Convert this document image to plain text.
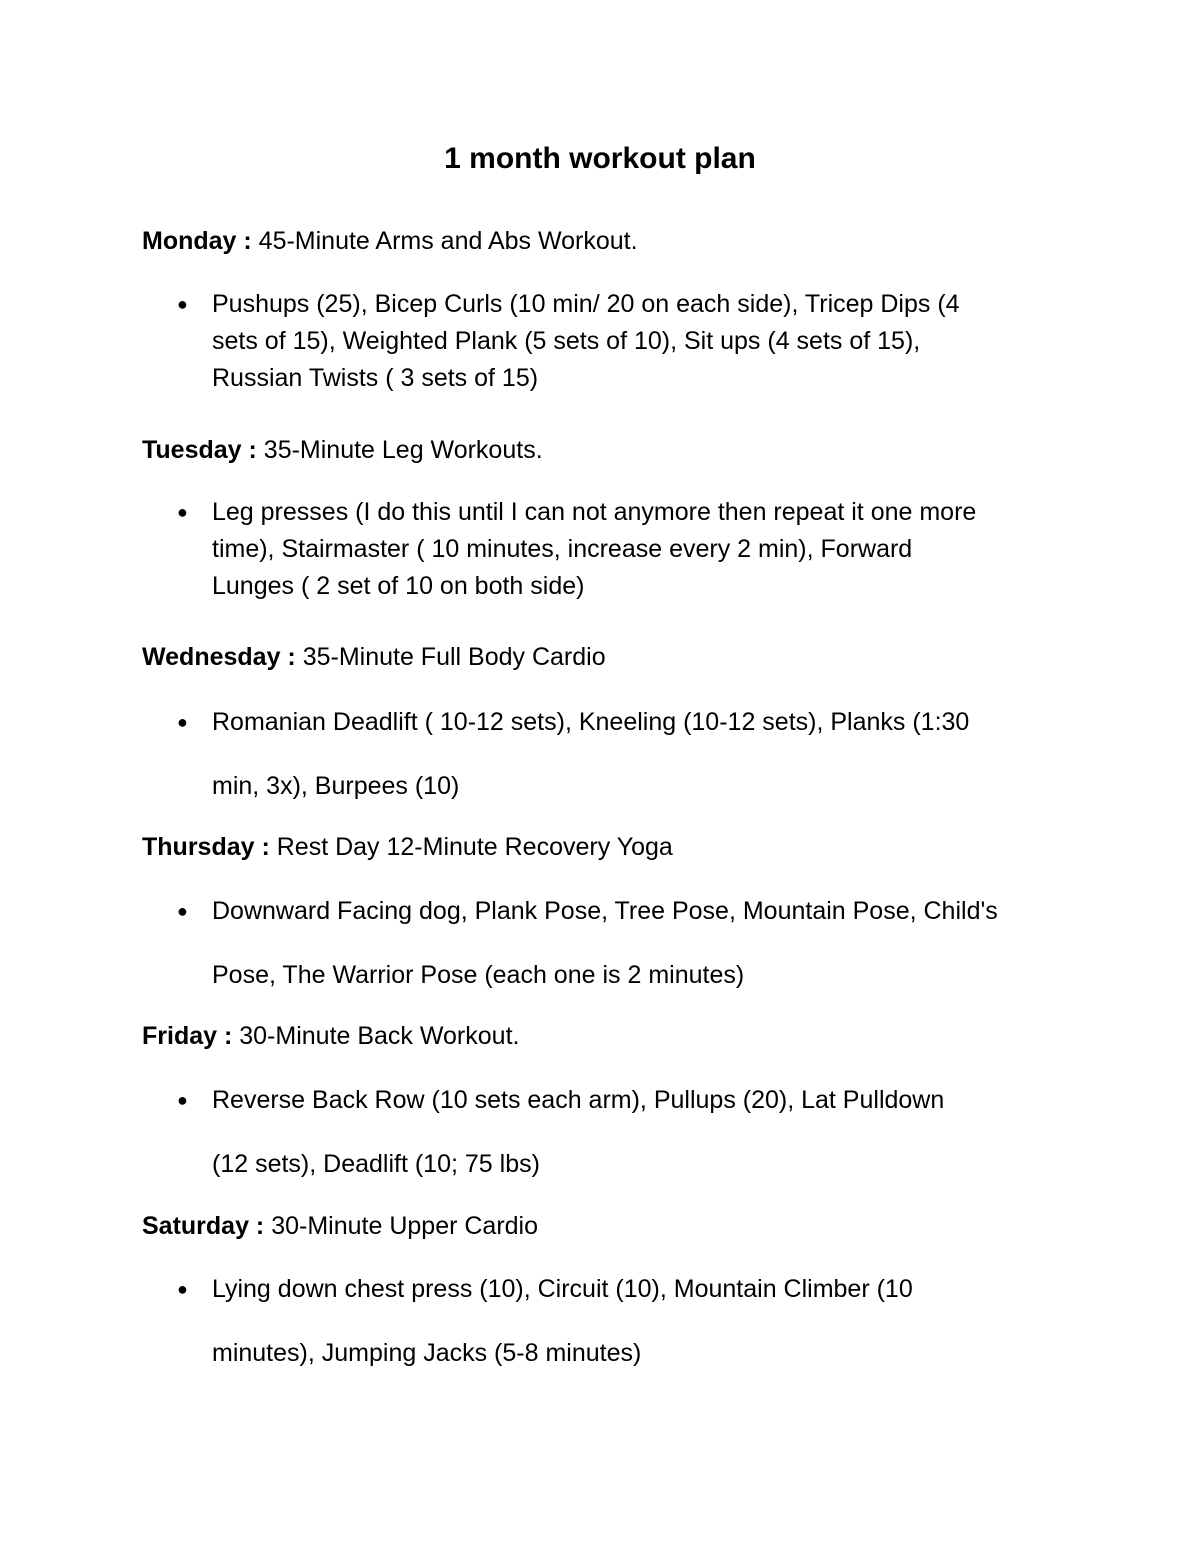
1 month workout plan

Monday : 45-Minute Arms and Abs Workout.

● Pushups (25), Bicep Curls (10 min/ 20 on each side), Tricep Dips (4
sets of 15), Weighted Plank (5 sets of 10), Sit ups (4 sets of 15),
Russian Twists ( 3 sets of 15)

Tuesday : 35-Minute Leg Workouts.

● Leg presses (I do this until I can not anymore then repeat it one more
time), Stairmaster ( 10 minutes, increase every 2 min), Forward
Lunges ( 2 set of 10 on both side)

Wednesday : 35-Minute Full Body Cardio

● Romanian Deadlift ( 10-12 sets), Kneeling (10-12 sets), Planks (1:30
min, 3x), Burpees (10)

Thursday : Rest Day 12-Minute Recovery Yoga

● Downward Facing dog, Plank Pose, Tree Pose, Mountain Pose, Child's
Pose, The Warrior Pose (each one is 2 minutes)

Friday : 30-Minute Back Workout.

● Reverse Back Row (10 sets each arm), Pullups (20), Lat Pulldown
(12 sets), Deadlift (10; 75 lbs)

Saturday : 30-Minute Upper Cardio

● Lying down chest press (10), Circuit (10), Mountain Climber (10
minutes), Jumping Jacks (5-8 minutes)
